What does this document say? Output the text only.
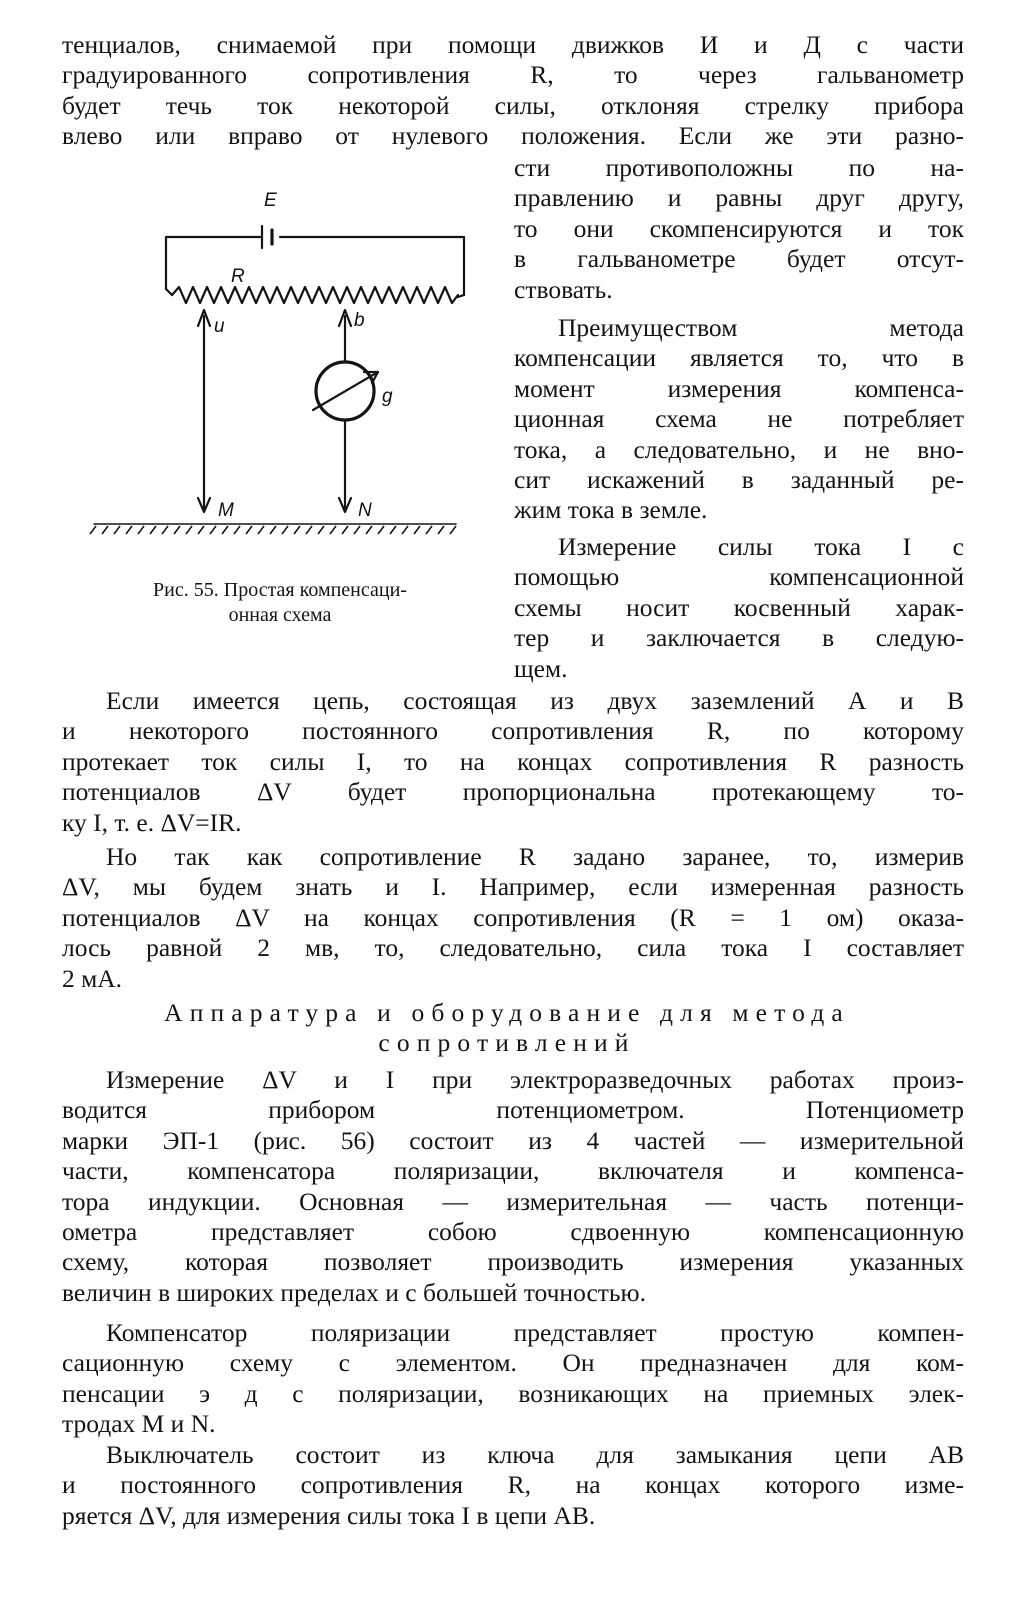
тенциалов, снимаемой при помощи движков И и Д с части
градуированного сопротивления R, то через гальванометр
будет течь ток некоторой силы, отклоняя стрелку прибора
влево или вправо от нулевого положения. Если же эти разно-
сти противоположны по на-
правлению и равны друг другу,
то они скомпенсируются и ток
в гальванометре будет отсут-
ствовать.
Преимуществом метода
компенсации является то, что в
момент измерения компенса-
ционная схема не потребляет
тока, а следовательно, и не вно-
сит искажений в заданный ре-
жим тока в земле.
Измерение силы тока I с
помощью компенсационной
схемы носит косвенный харак-
тер и заключается в следую-
щем.
E
R
u	b
g
M	N
Рис. 55. Простая компенсаци-
онная схема
Если имеется цепь, состоящая из двух заземлений А и В
и некоторого постоянного сопротивления R, по которому
протекает ток силы I, то на концах сопротивления R разность
потенциалов ΔV будет пропорциональна протекающему то-
ку I, т. е. ΔV=IR.
Но так как сопротивление R задано заранее, то, измерив
ΔV, мы будем знать и I. Например, если измеренная разность
потенциалов ΔV на концах сопротивления (R = 1 ом) оказа-
лось равной 2 мв, то, следовательно, сила тока I составляет
2 мА.
Аппаратура и оборудование для метода
сопротивлений
Измерение ΔV и I при электроразведочных работах произ-
водится прибором потенциометром. Потенциометр
марки ЭП-1 (рис. 56) состоит из 4 частей — измерительной
части, компенсатора поляризации, включателя и компенса-
тора индукции. Основная — измерительная — часть потенци-
ометра представляет собою сдвоенную компенсационную
схему, которая позволяет производить измерения указанных
величин в широких пределах и с большей точностью.
Компенсатор поляризации представляет простую компен-
сационную схему с элементом. Он предназначен для ком-
пенсации э д с поляризации, возникающих на приемных элек-
тродах M и N.
Выключатель состоит из ключа для замыкания цепи AB
и постоянного сопротивления R, на концах которого изме-
ряется ΔV, для измерения силы тока I в цепи AB.
